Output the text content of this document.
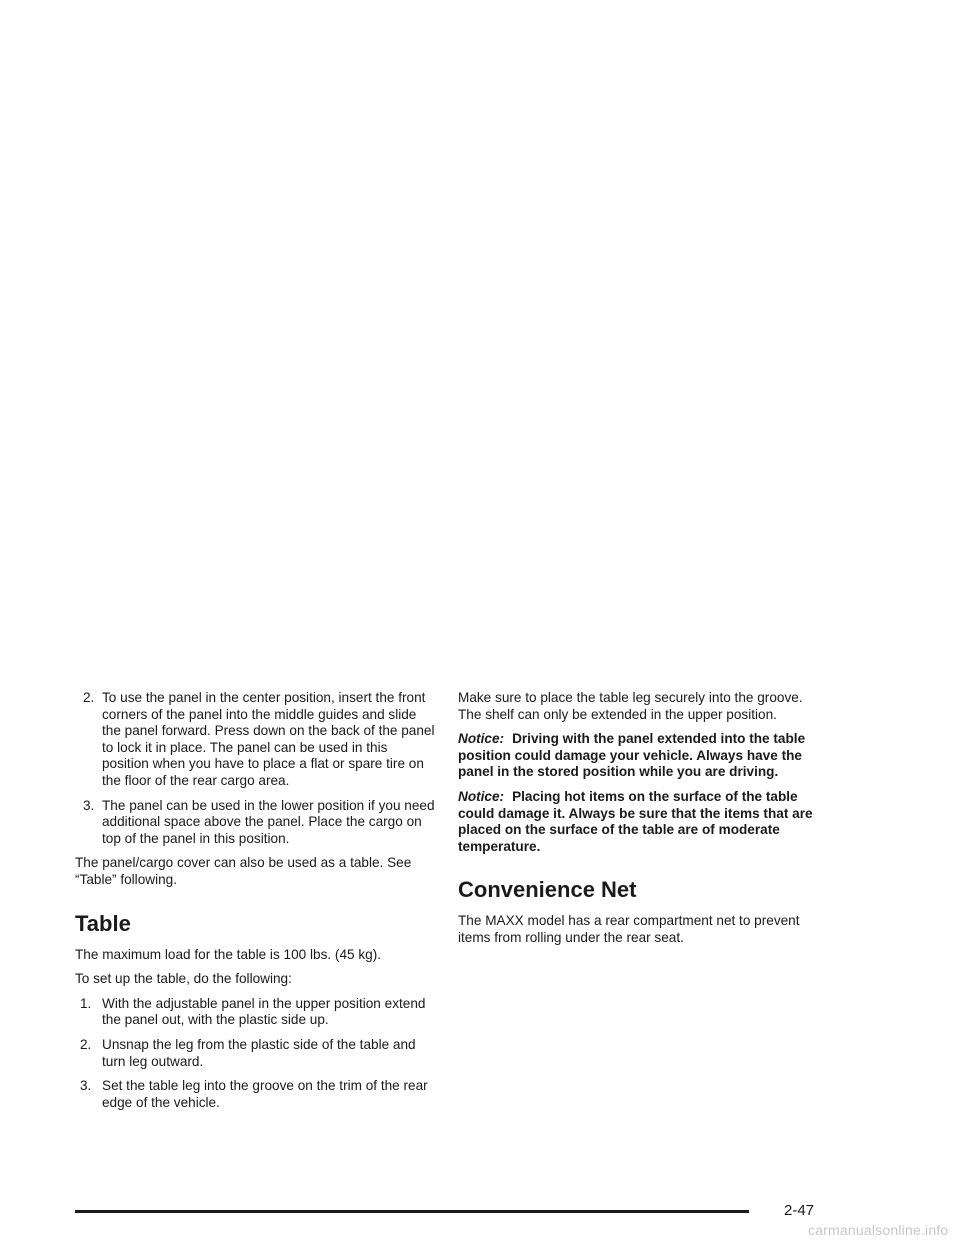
2. To use the panel in the center position, insert the front corners of the panel into the middle guides and slide the panel forward. Press down on the back of the panel to lock it in place. The panel can be used in this position when you have to place a flat or spare tire on the floor of the rear cargo area.
3. The panel can be used in the lower position if you need additional space above the panel. Place the cargo on top of the panel in this position.

The panel/cargo cover can also be used as a table. See “Table” following.

Table

The maximum load for the table is 100 lbs. (45 kg).

To set up the table, do the following:

1. With the adjustable panel in the upper position extend the panel out, with the plastic side up.
2. Unsnap the leg from the plastic side of the table and turn leg outward.
3. Set the table leg into the groove on the trim of the rear edge of the vehicle.

Make sure to place the table leg securely into the groove. The shelf can only be extended in the upper position.

Notice: Driving with the panel extended into the table position could damage your vehicle. Always have the panel in the stored position while you are driving.

Notice: Placing hot items on the surface of the table could damage it. Always be sure that the items that are placed on the surface of the table are of moderate temperature.

Convenience Net

The MAXX model has a rear compartment net to prevent items from rolling under the rear seat.

2-47
carmanualsonline.info
